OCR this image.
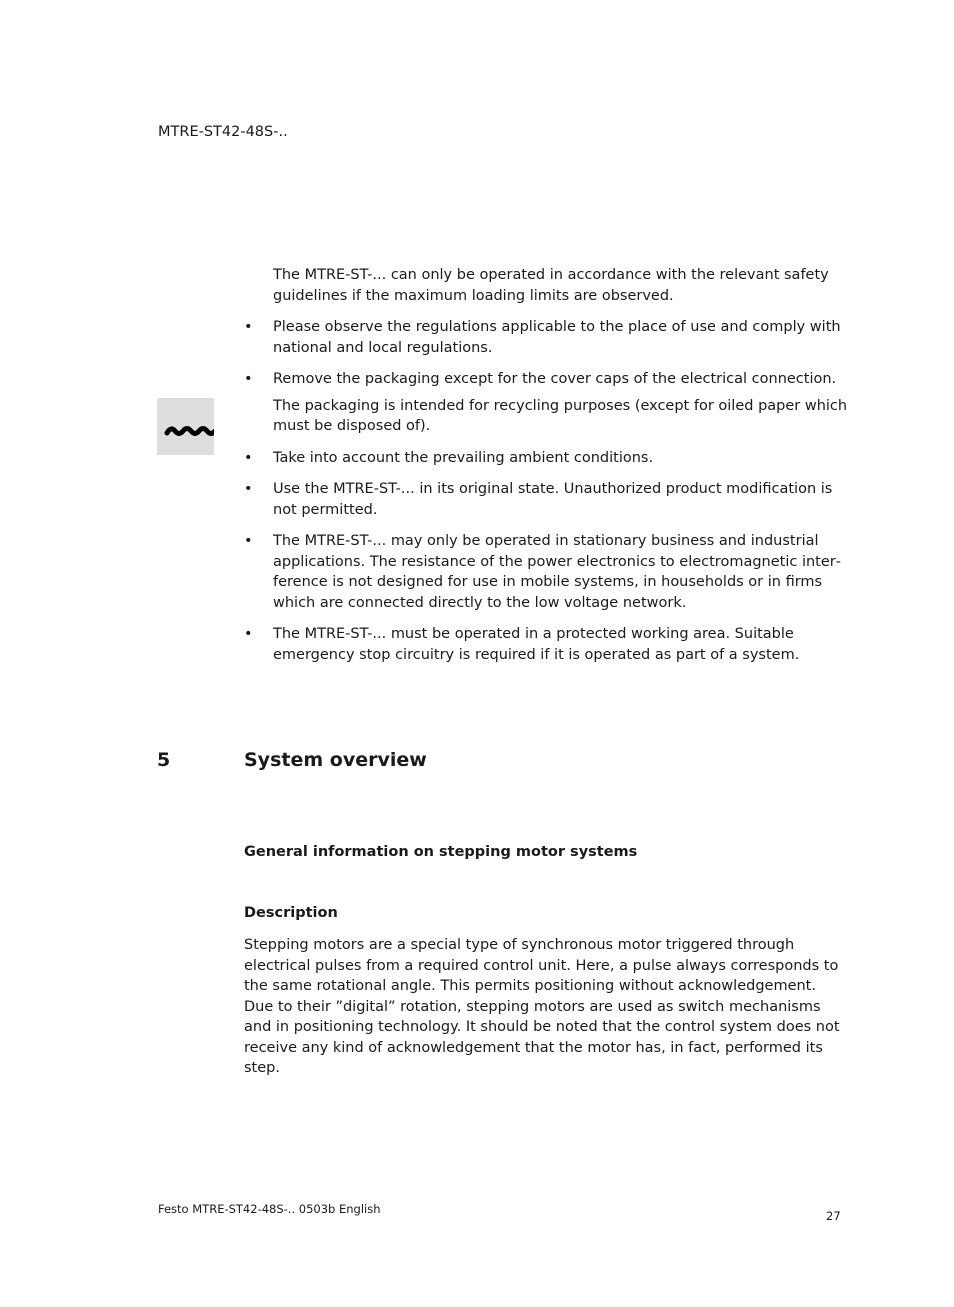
MTRE-ST42-48S-..
The MTRE-ST-... can only be operated in accordance with the relevant safety guidelines if the maximum loading limits are observed.
•	Please observe the regulations applicable to the place of use and comply with national and local regulations.
•	Remove the packaging except for the cover caps of the electrical connection.
The packaging is intended for recycling purposes (except for oiled paper which must be disposed of).
•	Take into account the prevailing ambient conditions.
•	Use the MTRE-ST-... in its original state. Unauthorized product modification is not permitted.
•	The MTRE-ST-... may only be operated in stationary business and industrial applications. The resistance of the power electronics to electromagnetic interference is not designed for use in mobile systems, in households or in firms which are connected directly to the low voltage network.
•	The MTRE-ST-... must be operated in a protected working area. Suitable emergency stop circuitry is required if it is operated as part of a system.
5	System overview
General information on stepping motor systems
Description

Stepping motors are a special type of synchronous motor triggered through electrical pulses from a required control unit. Here, a pulse always corresponds to the same rotational angle. This permits positioning without acknowledgement.

Due to their ”digital” rotation, stepping motors are used as switch mechanisms and in positioning technology. It should be noted that the control system does not receive any kind of acknowledgement that the motor has, in fact, performed its step.

Festo MTRE-ST42-48S-.. 0503b English	27
